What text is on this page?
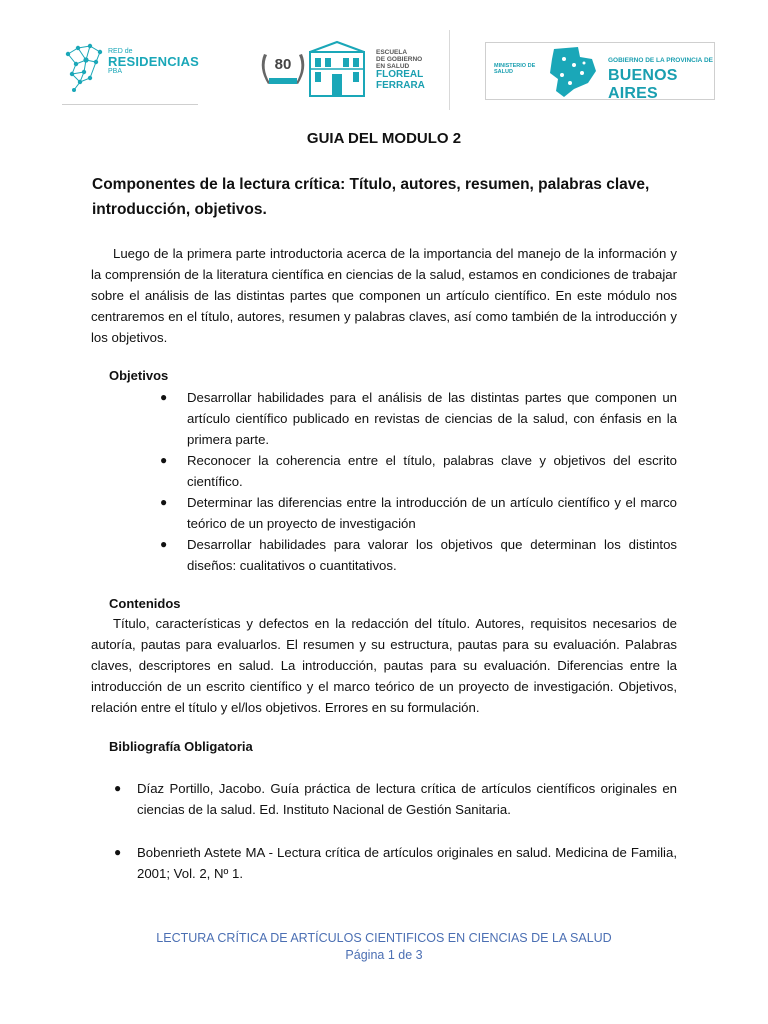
RED de
RESIDENCIAS
PBA	80
ESCUELA
DE GOBIERNO
EN SALUD
FLOREAL
FERRARA
MINISTERIO DE SALUD
GOBIERNO DE LA PROVINCIA DE
BUENOS AIRES
GUIA DEL MODULO 2
Componentes de la lectura crítica: Título, autores, resumen, palabras clave, introducción, objetivos.

Luego de la primera parte introductoria acerca de la importancia del manejo de la información y la comprensión de la literatura científica en ciencias de la salud, estamos en condiciones de trabajar sobre el análisis de las distintas partes que componen un artículo científico. En este módulo nos centraremos en el título, autores, resumen y palabras claves, así como también de la introducción y los objetivos.

Objetivos
● Desarrollar habilidades para el análisis de las distintas partes que componen un artículo científico publicado en revistas de ciencias de la salud, con énfasis en la primera parte.
● Reconocer la coherencia entre el título, palabras clave y objetivos del escrito científico.
● Determinar las diferencias entre la introducción de un artículo científico y el marco teórico de un proyecto de investigación
● Desarrollar habilidades para valorar los objetivos que determinan los distintos diseños: cualitativos o cuantitativos.
Contenidos

Título, características y defectos en la redacción del título. Autores, requisitos necesarios de autoría, pautas para evaluarlos. El resumen y su estructura, pautas para su evaluación. Palabras claves, descriptores en salud. La introducción, pautas para su evaluación. Diferencias entre la introducción de un escrito científico y el marco teórico de un proyecto de investigación. Objetivos, relación entre el título y el/los objetivos. Errores en su formulación.

Bibliografía Obligatoria
● Díaz Portillo, Jacobo. Guía práctica de lectura crítica de artículos científicos originales en ciencias de la salud. Ed. Instituto Nacional de Gestión Sanitaria.
● Bobenrieth Astete MA - Lectura crítica de artículos originales en salud. Medicina de Familia, 2001; Vol. 2, Nº 1.
LECTURA CRÍTICA DE ARTÍCULOS CIENTIFICOS EN CIENCIAS DE LA SALUD
Página 1 de 3
